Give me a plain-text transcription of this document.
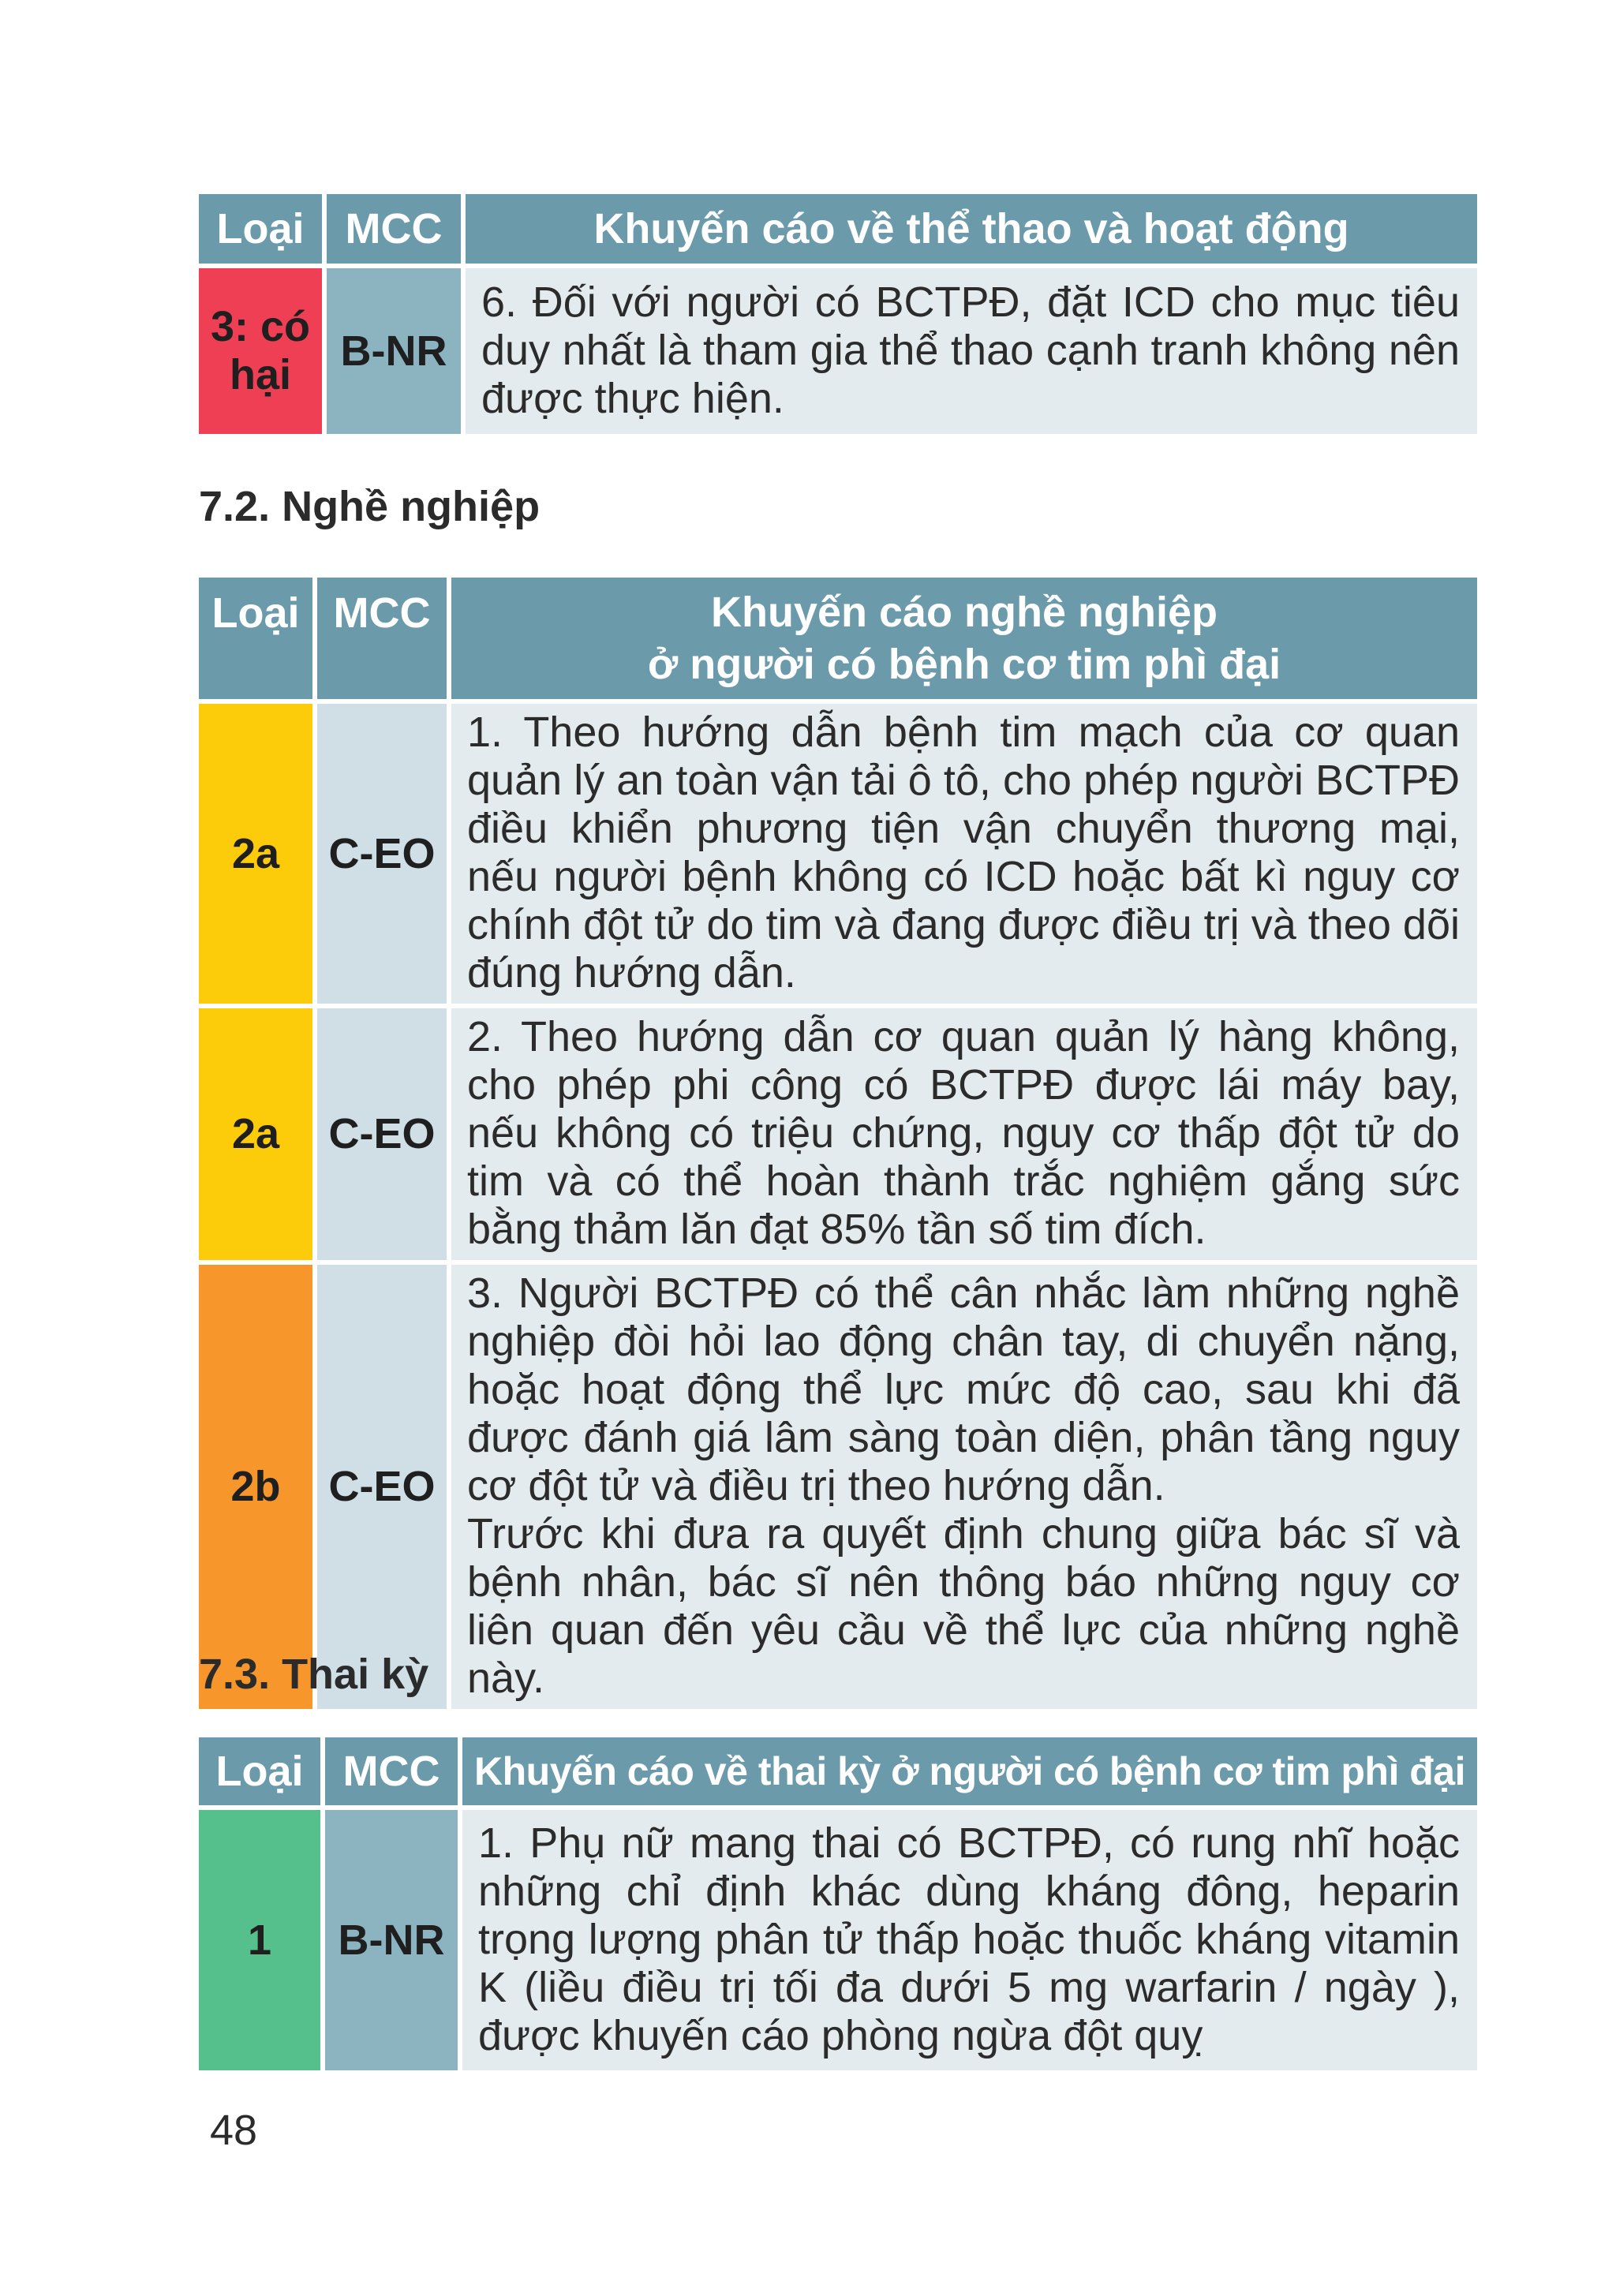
Loại	MCC	Khuyến cáo về thể thao và hoạt động
3: có hại	B-NR	6. Đối với người có BCTPĐ, đặt ICD cho mục tiêu duy nhất là tham gia thể thao cạnh tranh không nên được thực hiện.
7.2. Nghề nghiệp
Loại	MCC	Khuyến cáo nghề nghiệp
ở người có bệnh cơ tim phì đại

2a	C-EO	1. Theo hướng dẫn bệnh tim mạch của cơ quan quản lý an toàn vận tải ô tô, cho phép người BCTPĐ điều khiển phương tiện vận chuyển thương mại, nếu người bệnh không có ICD hoặc bất kì nguy cơ chính đột tử do tim và đang được điều trị và theo dõi đúng hướng dẫn.
2a	C-EO	2. Theo hướng dẫn cơ quan quản lý hàng không, cho phép phi công có BCTPĐ được lái máy bay, nếu không có triệu chứng, nguy cơ thấp đột tử do tim và có thể hoàn thành trắc nghiệm gắng sức bằng thảm lăn đạt 85% tần số tim đích.
2b	C-EO	3. Người BCTPĐ có thể cân nhắc làm những nghề nghiệp đòi hỏi lao động chân tay, di chuyển nặng, hoặc hoạt động thể lực mức độ cao, sau khi đã được đánh giá lâm sàng toàn diện, phân tầng nguy cơ đột tử và điều trị theo hướng dẫn.
Trước khi đưa ra quyết định chung giữa bác sĩ và bệnh nhân, bác sĩ nên thông báo những nguy cơ liên quan đến yêu cầu về thể lực của những nghề này.
7.3. Thai kỳ
Loại	MCC	Khuyến cáo về thai kỳ ở người có bệnh cơ tim phì đại
1	B-NR	1. Phụ nữ mang thai có BCTPĐ, có rung nhĩ hoặc những chỉ định khác dùng kháng đông, heparin trọng lượng phân tử thấp hoặc thuốc kháng vitamin K (liều điều trị tối đa dưới 5 mg warfarin / ngày ), được khuyến cáo phòng ngừa đột quỵ
48
